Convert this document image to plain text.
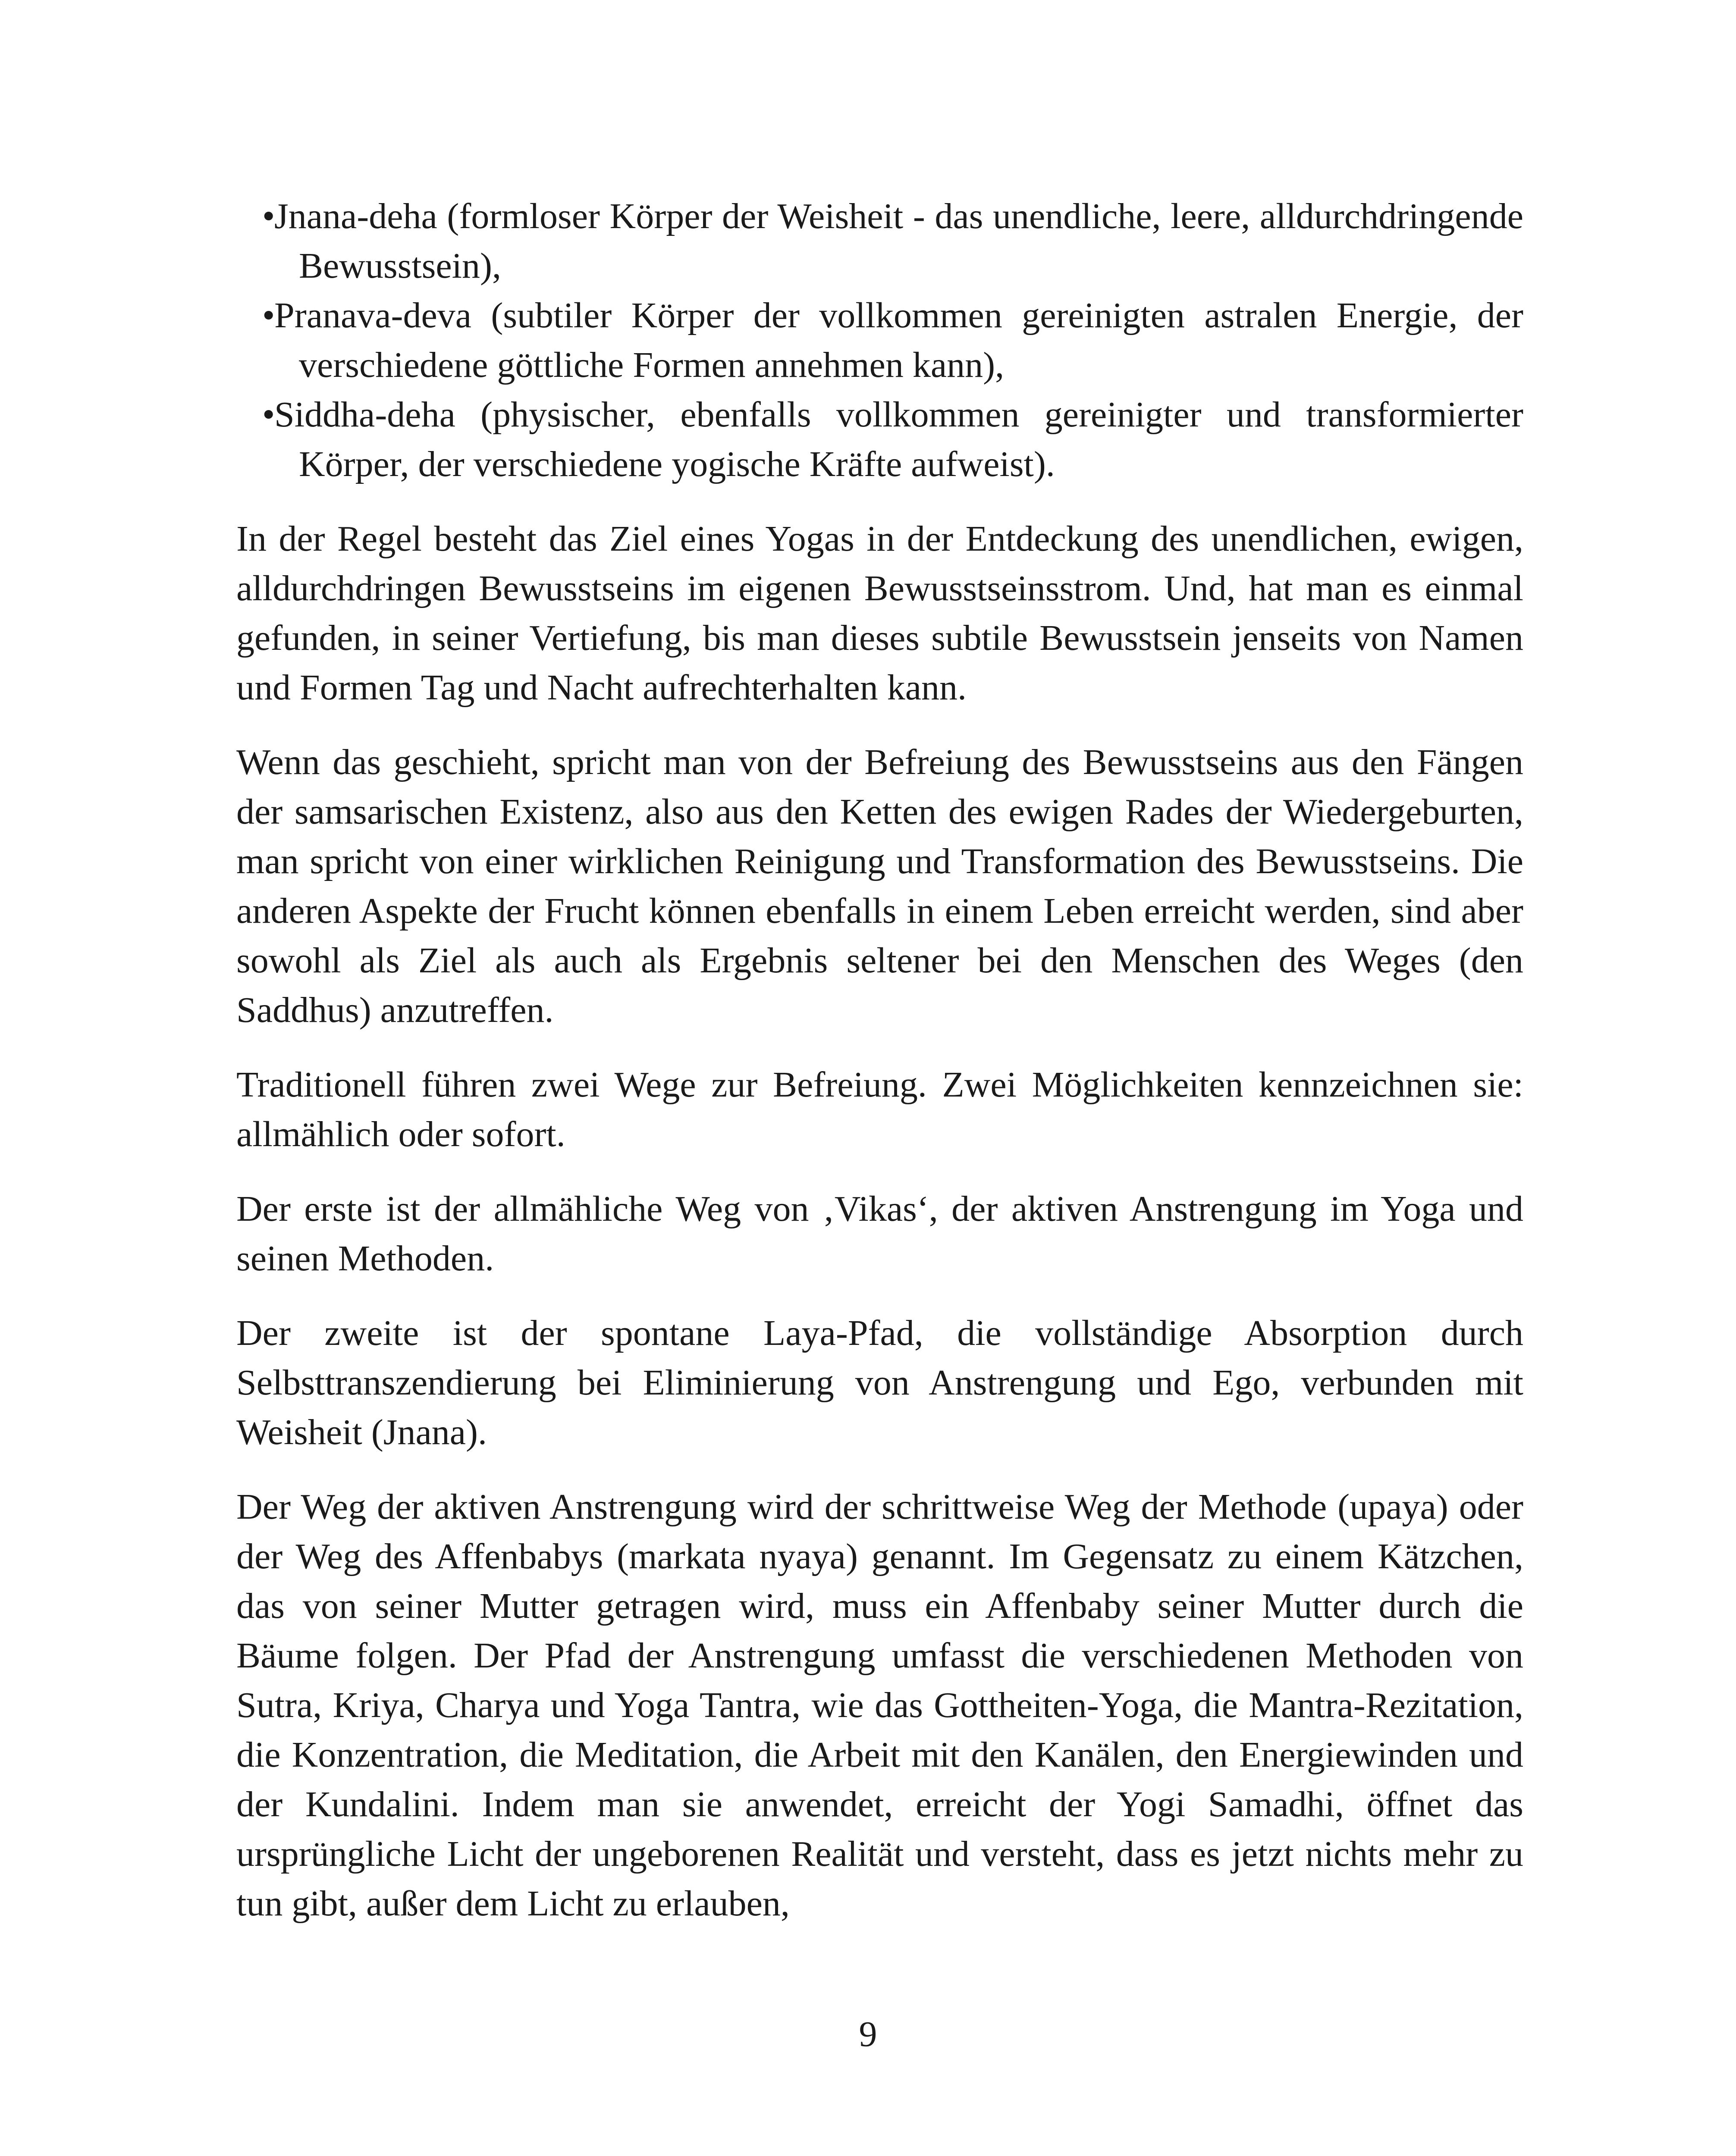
•Jnana-deha (formloser Körper der Weisheit - das unendliche, leere, alldurchdringende Bewusstsein),
•Pranava-deva (subtiler Körper der vollkommen gereinigten astralen Energie, der verschiedene göttliche Formen annehmen kann),
•Siddha-deha (physischer, ebenfalls vollkommen gereinigter und transformierter Körper, der verschiedene yogische Kräfte aufweist).

In der Regel besteht das Ziel eines Yogas in der Entdeckung des unendlichen, ewigen, alldurchdringen Bewusstseins im eigenen Bewusstseinsstrom. Und, hat man es einmal gefunden, in seiner Vertiefung, bis man dieses subtile Bewusstsein jenseits von Namen und Formen Tag und Nacht aufrechterhalten kann.

Wenn das geschieht, spricht man von der Befreiung des Bewusstseins aus den Fängen der samsarischen Existenz, also aus den Ketten des ewigen Rades der Wiedergeburten, man spricht von einer wirklichen Reinigung und Transformation des Bewusstseins. Die anderen Aspekte der Frucht können ebenfalls in einem Leben erreicht werden, sind aber sowohl als Ziel als auch als Ergebnis seltener bei den Menschen des Weges (den Saddhus) anzutreffen.

Traditionell führen zwei Wege zur Befreiung. Zwei Möglichkeiten kennzeichnen sie: allmählich oder sofort.

Der erste ist der allmähliche Weg von ‚Vikas‘, der aktiven Anstrengung im Yoga und seinen Methoden.

Der zweite ist der spontane Laya-Pfad, die vollständige Absorption durch Selbsttranszendierung bei Eliminierung von Anstrengung und Ego, verbunden mit Weisheit (Jnana).

Der Weg der aktiven Anstrengung wird der schrittweise Weg der Methode (upaya) oder der Weg des Affenbabys (markata nyaya) genannt. Im Gegensatz zu einem Kätzchen, das von seiner Mutter getragen wird, muss ein Affenbaby seiner Mutter durch die Bäume folgen. Der Pfad der Anstrengung umfasst die verschiedenen Methoden von Sutra, Kriya, Charya und Yoga Tantra, wie das Gottheiten-Yoga, die Mantra-Rezitation, die Konzentration, die Meditation, die Arbeit mit den Kanälen, den Energiewinden und der Kundalini. Indem man sie anwendet, erreicht der Yogi Samadhi, öffnet das ursprüngliche Licht der ungeborenen Realität und versteht, dass es jetzt nichts mehr zu tun gibt, außer dem Licht zu erlauben,

9
